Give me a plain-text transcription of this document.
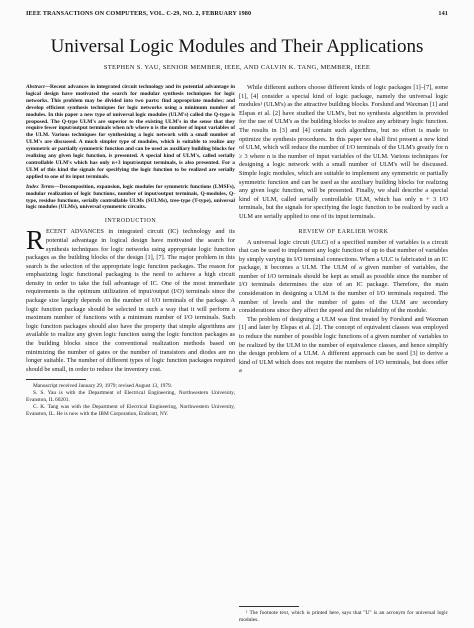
IEEE TRANSACTIONS ON COMPUTERS, VOL. C-29, NO. 2, FEBRUARY 1980	141
Universal Logic Modules and Their Applications
STEPHEN S. YAU, SENIOR MEMBER, IEEE, AND CALVIN K. TANG, MEMBER, IEEE

Abstract—Recent advances in integrated circuit technology and its potential advantage in logical design have motivated the search for modular synthesis techniques for logic networks. This problem may be divided into two parts: find appropriate modules; and develop efficient synthesis techniques for logic networks using a minimum number of modules. In this paper a new type of universal logic modules (ULM's) called the Q-type is proposed. The Q-type ULM's are superior to the existing ULM's in the sense that they require fewer input/output terminals when n/b where n is the number of input variables of the ULM. Various techniques for synthesizing a logic network with a small number of ULM's are discussed. A much simpler type of modules, which is suitable to realize any symmetric or partially symmetric function and can be used as auxiliary building blocks for realizing any given logic function, is presented. A special kind of ULM's, called serially controllable ULM's which has only n+3 input/output terminals, is also presented. For a ULM of this kind the signals for specifying the logic function to be realized are serially applied to one of its input terminals.

Index Terms—Decomposition, expansion, logic modules for symmetric functions (LMSFs), modular realization of logic functions, number of input/output terminals, Q-modules, Q-type, residue functions, serially controllable ULMs (SULMs), tree-type (T-type), universal logic modules (ULMs), universal symmetric circuits.

INTRODUCTION

RECENT ADVANCES in integrated circuit (IC) technology and its potential advantage in logical design have motivated the search for synthesis techniques for logic networks using appropriate logic function packages as the building blocks of the design [1], [7]. The major problem in this search is the selection of the appropriate logic function packages. The reason for emphasizing logic functional packaging is the need to achieve a high circuit density in order to take the full advantage of IC. One of the most immediate requirements is the optimum utilization of input/output (I/O) terminals since the package size largely depends on the number of I/O terminals of the package. A logic function package should be selected in such a way that it will perform a maximum number of functions with a minimum number of I/O terminals. Such logic function packages should also have the property that simple algorithms are available to realize any given logic function using the logic function packages as the building blocks since the conventional realization methods based on minimizing the number of gates or the number of transistors and diodes are no longer suitable. The number of different types of logic function packages required should be small, in order to reduce the inventory cost.

Manuscript received January 29, 1979; revised August 13, 1979.

S. S. Yau is with the Department of Electrical Engineering, Northwestern University, Evanston, IL 60201.

C. K. Tang was with the Department of Electrical Engineering, Northwestern University, Evanston, IL. He is now with the IBM Corporation, Endicott, NY.

While different authors choose different kinds of logic packages [1]–[7], some [1], [4] consider a special kind of logic package, namely the universal logic modules¹ (ULM's) as the attractive building blocks. Forslund and Waxman [1] and Elspas et al. [2] have studied the ULM's, but no synthesis algorithm is provided for the use of ULM's as the building blocks to realize any arbitrary logic function. The results in [3] and [4] contain such algorithms, but no effort is made to optimize the synthesis procedures. In this paper we shall first present a new kind of ULM, which will reduce the number of I/O terminals of the ULM's greatly for n ≥ 3 where n is the number of input variables of the ULM. Various techniques for designing a logic network with a small number of ULM's will be discussed. Simple logic modules, which are suitable to implement any symmetric or partially symmetric function and can be used as the auxiliary building blocks for realizing any given logic function, will be presented. Finally, we shall describe a special kind of ULM, called serially controllable ULM, which has only n + 3 I/O terminals, but the signals for specifying the logic function to be realized by such a ULM are serially applied to one of its input terminals.

REVIEW OF EARLIER WORK

A universal logic circuit (ULC) of a specified number of variables is a circuit that can be used to implement any logic function of up to that number of variables by simply varying its I/O terminal connections. When a ULC is fabricated in an IC package, it becomes a ULM. The ULM of a given number of variables, the number of I/O terminals should be kept as small as possible since the number of I/O terminals determines the size of an IC package. Therefore, the main consideration in designing a ULM is the number of I/O terminals required. The number of levels and the number of gates of the ULM are secondary considerations since they affect the speed and the reliability of the module.

The problem of designing a ULM was first treated by Forslund and Waxman [1] and later by Elspas et al. [2]. The concept of equivalent classes was employed to reduce the number of possible logic functions of a given number of variables to be realized by the ULM to the number of equivalence classes, and hence simplify the design problem of a ULM. A different approach can be used [3] to derive a kind of ULM which does not require the numbers of I/O terminals, but does offer a

¹ The footnote text, which is printed here, says that "U" is an acronym for universal logic modules.
